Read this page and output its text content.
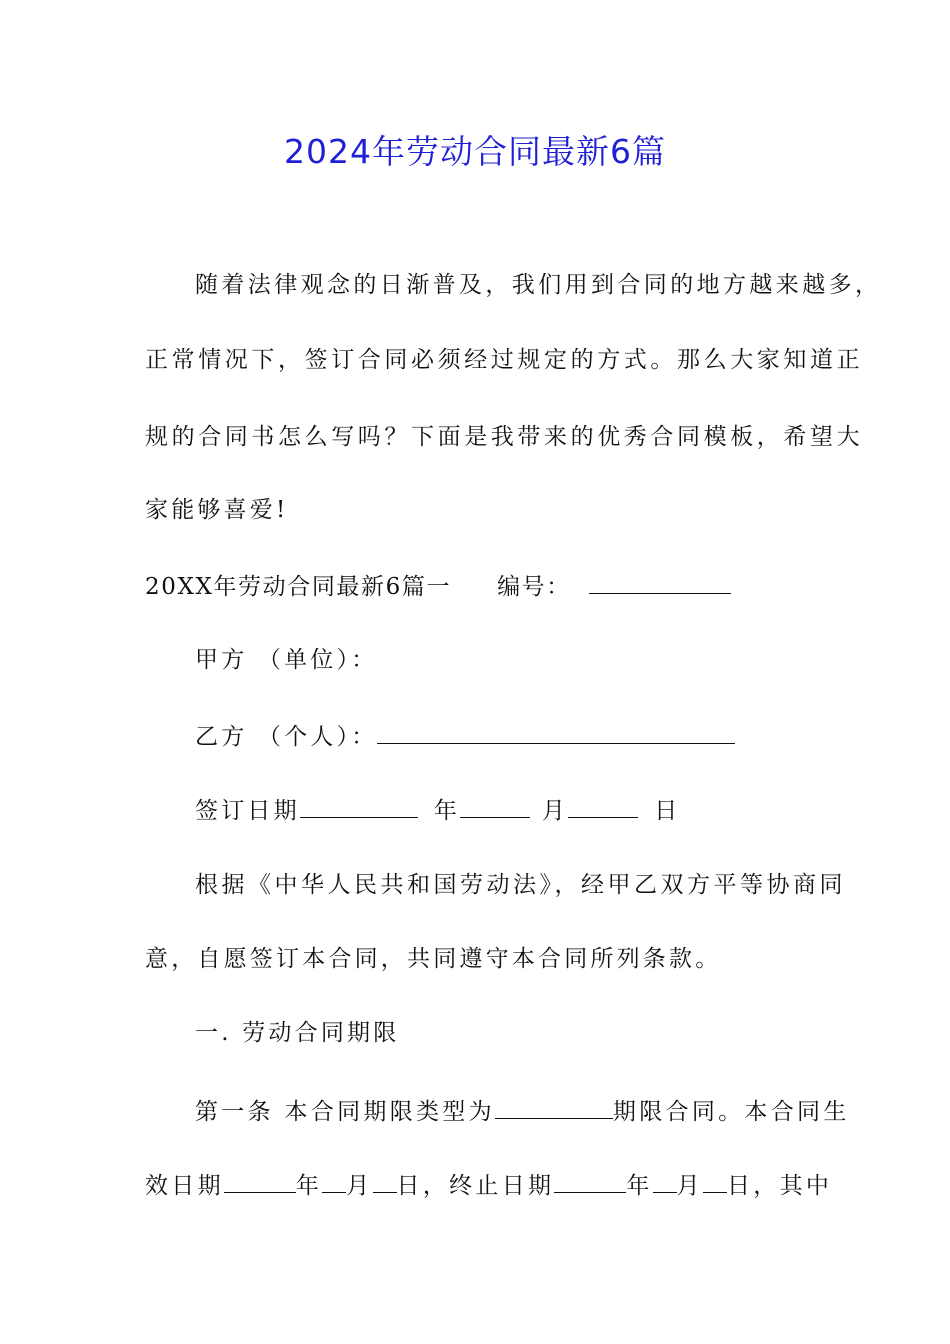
2024年劳动合同最新6篇
随着法律观念的日渐普及，我们用到合同的地方越来越多，
正常情况下，签订合同必须经过规定的方式。那么大家知道正
规的合同书怎么写吗？下面是我带来的优秀合同模板，希望大
家能够喜爱!
20XX年劳动合同最新6篇一 编号：
甲方 （单位）：
乙方 （个人）：
签订日期	年	月	日
根据《中华人民共和国劳动法》，经甲乙双方平等协商同
意，自愿签订本合同，共同遵守本合同所列条款。
一. 劳动合同期限
第一条 本合同期限类型为	期限合同。本合同生
效日期	年 月 日，终止日期	年 月 日，其中
